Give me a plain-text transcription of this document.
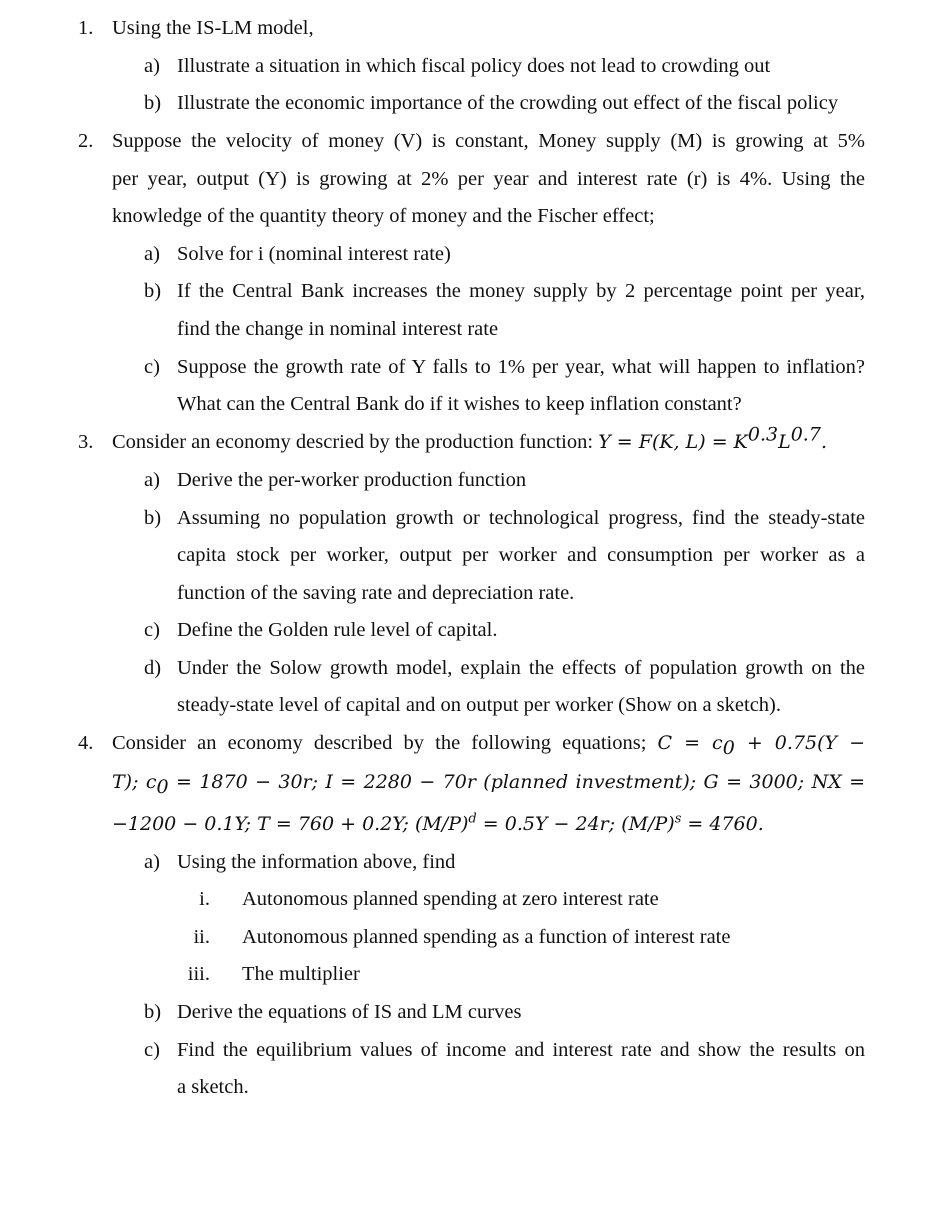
1. Using the IS-LM model,
a) Illustrate a situation in which fiscal policy does not lead to crowding out
b) Illustrate the economic importance of the crowding out effect of the fiscal policy
2. Suppose the velocity of money (V) is constant, Money supply (M) is growing at 5%
per year, output (Y) is growing at 2% per year and interest rate (r) is 4%. Using the
knowledge of the quantity theory of money and the Fischer effect;
a) Solve for i (nominal interest rate)
b) If the Central Bank increases the money supply by 2 percentage point per year,
find the change in nominal interest rate
c) Suppose the growth rate of Y falls to 1% per year, what will happen to inflation?
What can the Central Bank do if it wishes to keep inflation constant?
3. Consider an economy descried by the production function: Y = F(K, $L) = K^{0.3}L^{0.7}$.
a) Derive the per-worker production function
b) Assuming no population growth or technological progress, find the steady-state
capita stock per worker, output per worker and consumption per worker as a
function of the saving rate and depreciation rate.
c) Define the Golden rule level of capital.
d) Under the Solow growth model, explain the effects of population growth on the
steady-state level of capital and on output per worker (Show on a sketch).
4. Consider an economy described by the following equations; $C = c_0 + 0.75(Y$ −
T); $c_0 = 1870 - 30r$; I = 2280 − 70r (planned investment); G = 3000; NX =
−1200 − 0.1Y; T = 760 + 0.2Y; $(M/P)^d = 0.5Y - 24r$; $(M/P)^s = 4760$.
a) Using the information above, find
i. Autonomous planned spending at zero interest rate
ii. Autonomous planned spending as a function of interest rate
iii. The multiplier
b) Derive the equations of IS and LM curves
c) Find the equilibrium values of income and interest rate and show the results on
a sketch.
